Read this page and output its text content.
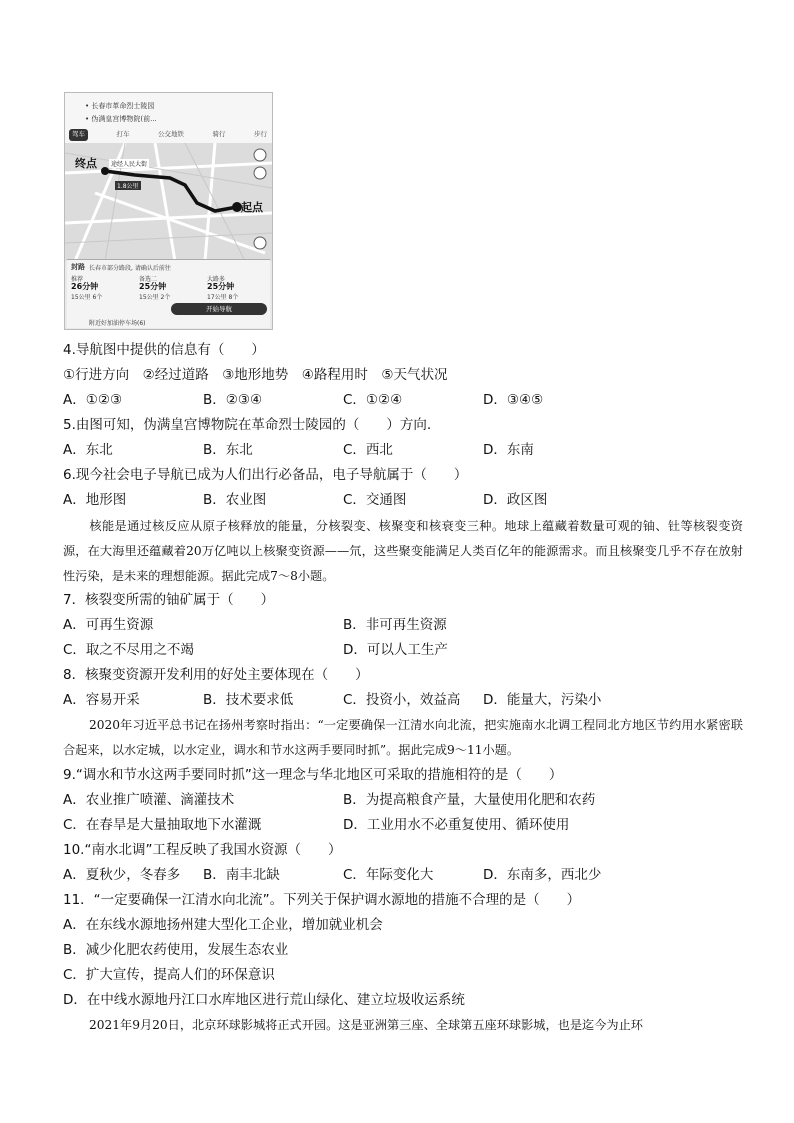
• 长春市革命烈士陵园
• 伪满皇宫博物院(前...
驾车	打车	公交地铁	骑行	步行
终点
起点
途经人民大街
1.8公里
封路 长春市部分路段, 请确认后前往
推荐
26分钟
15公里 6个
备选二
25分钟
15公里 2个
大路多
25分钟
17公里 8个
开始导航
附近好加油停车场(6)
4.导航图中提供的信息有（　　）
①行进方向　②经过道路　③地形地势　④路程用时　⑤天气状况
A．①②③	B．②③④	C．①②④	D．③④⑤
5.由图可知，伪满皇宫博物院在革命烈士陵园的（　　）方向.
A．东北	B．东北	C．西北	D．东南
6.现今社会电子导航已成为人们出行必备品，电子导航属于（　　）
A．地形图	B．农业图	C．交通图	D．政区图
核能是通过核反应从原子核释放的能量，分核裂变、核聚变和核衰变三种。地球上蕴藏着数量可观的铀、钍等核裂变资源，在大海里还蕴藏着20万亿吨以上核聚变资源——氘，这些聚变能满足人类百亿年的能源需求。而且核聚变几乎不存在放射性污染，是未来的理想能源。据此完成7～8小题。
7．核裂变所需的铀矿属于（　　）
A．可再生资源	B．非可再生资源
C．取之不尽用之不竭	D．可以人工生产
8．核聚变资源开发利用的好处主要体现在（　　）
A．容易开采	B．技术要求低	C．投资小，效益高 D．能量大，污染小
2020年习近平总书记在扬州考察时指出：“一定要确保一江清水向北流，把实施南水北调工程同北方地区节约用水紧密联合起来，以水定城，以水定业，调水和节水这两手要同时抓”。据此完成9～11小题。
9.“调水和节水这两手要同时抓”这一理念与华北地区可采取的措施相符的是（　　）
A．农业推广喷灌、滴灌技术	B．为提高粮食产量，大量使用化肥和农药
C．在春旱是大量抽取地下水灌溉	D．工业用水不必重复使用、循环使用
10.“南水北调”工程反映了我国水资源（　　）
A．夏秋少，冬春多 B．南丰北缺	C．年际变化大	D．东南多，西北少
11．“一定要确保一江清水向北流”。下列关于保护调水源地的措施不合理的是（　　）
A．在东线水源地扬州建大型化工企业，增加就业机会
B．减少化肥农药使用，发展生态农业
C．扩大宣传，提高人们的环保意识
D．在中线水源地丹江口水库地区进行荒山绿化、建立垃圾收运系统
2021年9月20日，北京环球影城将正式开园。这是亚洲第三座、全球第五座环球影城，也是迄今为止环
